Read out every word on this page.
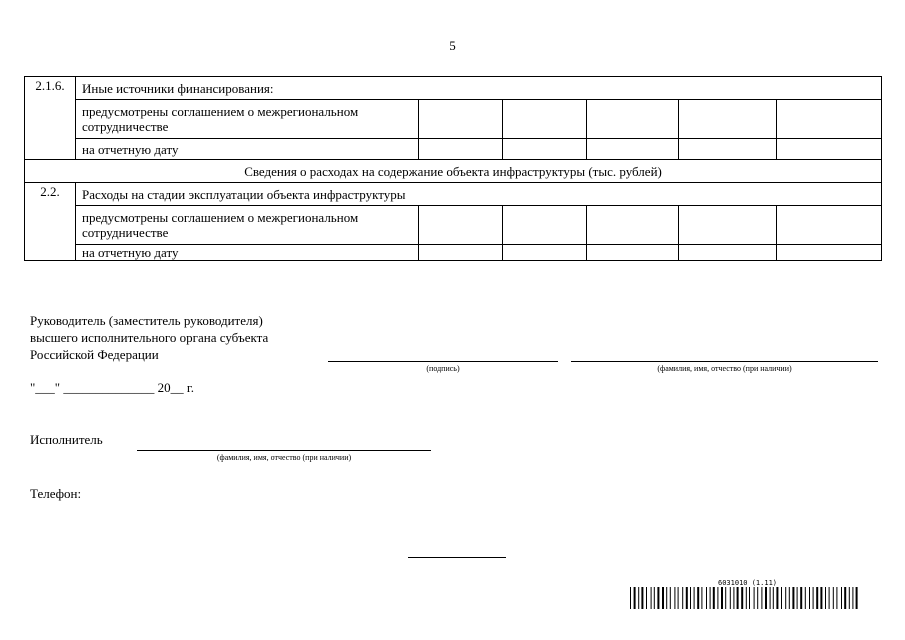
5
2.1.6.	Иные источники финансирования:					
	предусмотрены соглашением о межрегиональном сотрудничестве					
	на отчетную дату					
Сведения о расходах на содержание объекта инфраструктуры (тыс. рублей)						
2.2.	Расходы на стадии эксплуатации объекта инфраструктуры					
	предусмотрены соглашением о межрегиональном сотрудничестве					
	на отчетную дату					
Руководитель (заместитель руководителя)
высшего исполнительного органа субъекта
Российской Федерации
(подпись)	(фамилия, имя, отчество (при наличии)
"___" ______________ 20__ г.
Исполнитель
(фамилия, имя, отчество (при наличии)
Телефон:
6031010 (1.11)
